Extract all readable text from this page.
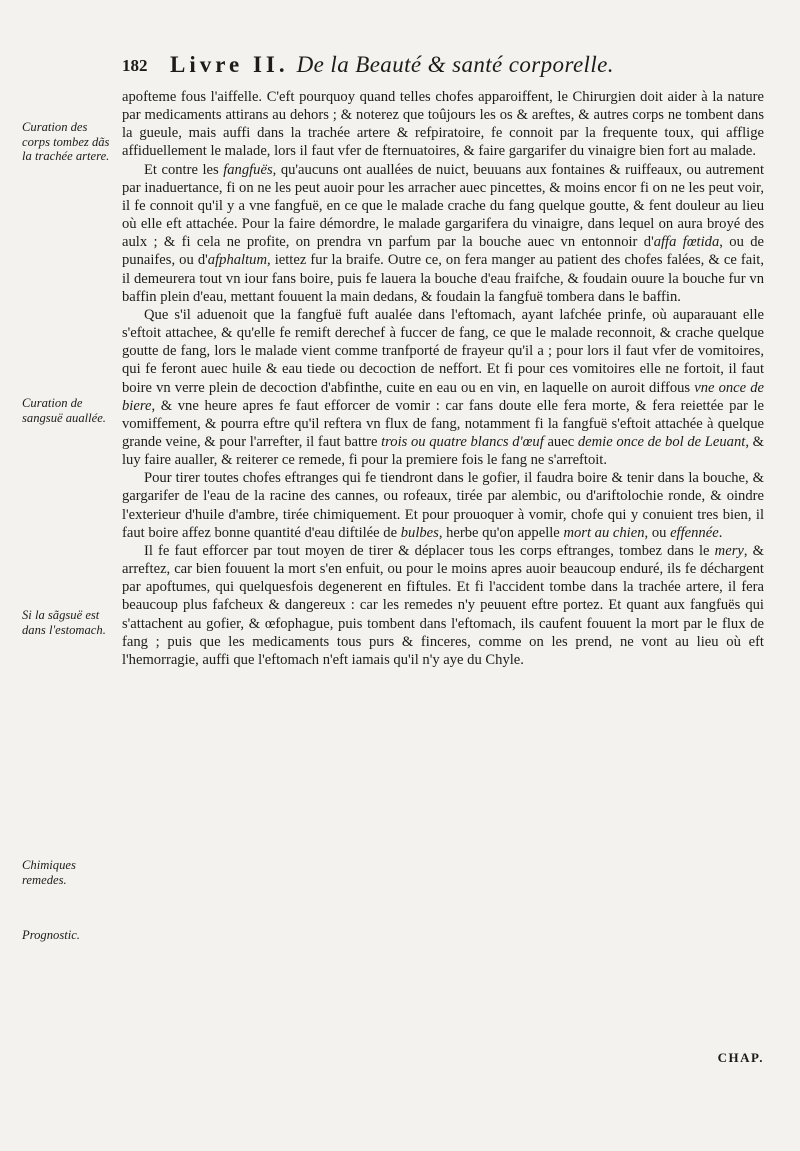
182 Livre II. De la Beauté & santé corporelle.
Curation des corps tombez dãs la trachée artere.
Curation de sangsuë auallée.
Si la sãgsuë est dans l'estomach.
Chimiques remedes.
Prognostic.

apofteme fous l'aiffelle. C'eft pourquoy quand telles chofes apparoiffent, le Chirurgien doit aider à la nature par medicaments attirans au dehors ; & noterez que toûjours les os & areftes, & autres corps ne tombent dans la gueule, mais auffi dans la trachée artere & refpiratoire, fe connoit par la frequente toux, qui afflige affiduellement le malade, lors il faut vfer de fternuatoires, & faire gargarifer du vinaigre bien fort au malade.

Et contre les fangfuës, qu'aucuns ont auallées de nuict, beuuans aux fontaines & ruiffeaux, ou autrement par inaduertance, fi on ne les peut auoir pour les arracher auec pincettes, & moins encor fi on ne les peut voir, il fe connoit qu'il y a vne fangfuë, en ce que le malade crache du fang quelque goutte, & fent douleur au lieu où elle eft attachée. Pour la faire démordre, le malade gargarifera du vinaigre, dans lequel on aura broyé des aulx ; & fi cela ne profite, on prendra vn parfum par la bouche auec vn entonnoir d'affa fœtida, ou de punaifes, ou d'afphaltum, iettez fur la braife. Outre ce, on fera manger au patient des chofes falées, & ce fait, il demeurera tout vn iour fans boire, puis fe lauera la bouche d'eau fraifche, & foudain ouure la bouche fur vn baffin plein d'eau, mettant fouuent la main dedans, & foudain la fangfuë tombera dans le baffin.

Que s'il aduenoit que la fangfuë fuft aualée dans l'eftomach, ayant lafchée prinfe, où auparauant elle s'eftoit attachee, & qu'elle fe remift derechef à fuccer de fang, ce que le malade reconnoit, & crache quelque goutte de fang, lors le malade vient comme tranfporté de frayeur qu'il a ; pour lors il faut vfer de vomitoires, qui fe feront auec huile & eau tiede ou decoction de neffort. Et fi pour ces vomitoires elle ne fortoit, il faut boire vn verre plein de decoction d'abfinthe, cuite en eau ou en vin, en laquelle on auroit diffous vne once de biere, & vne heure apres fe faut efforcer de vomir : car fans doute elle fera morte, & fera reiettée par le vomiffement, & pourra eftre qu'il reftera vn flux de fang, notamment fi la fangfuë s'eftoit attachée à quelque grande veine, & pour l'arrefter, il faut battre trois ou quatre blancs d'œuf auec demie once de bol de Leuant, & luy faire aualler, & reiterer ce remede, fi pour la premiere fois le fang ne s'arreftoit.

Pour tirer toutes chofes eftranges qui fe tiendront dans le gofier, il faudra boire & tenir dans la bouche, & gargarifer de l'eau de la racine des cannes, ou rofeaux, tirée par alembic, ou d'ariftolochie ronde, & oindre l'exterieur d'huile d'ambre, tirée chimiquement. Et pour prouoquer à vomir, chofe qui y conuient tres bien, il faut boire affez bonne quantité d'eau diftilée de bulbes, herbe qu'on appelle mort au chien, ou effennée.

Il fe faut efforcer par tout moyen de tirer & déplacer tous les corps eftranges, tombez dans le mery, & arreftez, car bien fouuent la mort s'en enfuit, ou pour le moins apres auoir beaucoup enduré, ils fe déchargent par apoftumes, qui quelquesfois degenerent en fiftules. Et fi l'accident tombe dans la trachée artere, il fera beaucoup plus fafcheux & dangereux : car les remedes n'y peuuent eftre portez. Et quant aux fangfuës qui s'attachent au gofier, & œfophague, puis tombent dans l'eftomach, ils caufent fouuent la mort par le flux de fang ; puis que les medicaments tous purs & finceres, comme on les prend, ne vont au lieu où eft l'hemorragie, auffi que l'eftomach n'eft iamais qu'il n'y aye du Chyle.

CHAP.
